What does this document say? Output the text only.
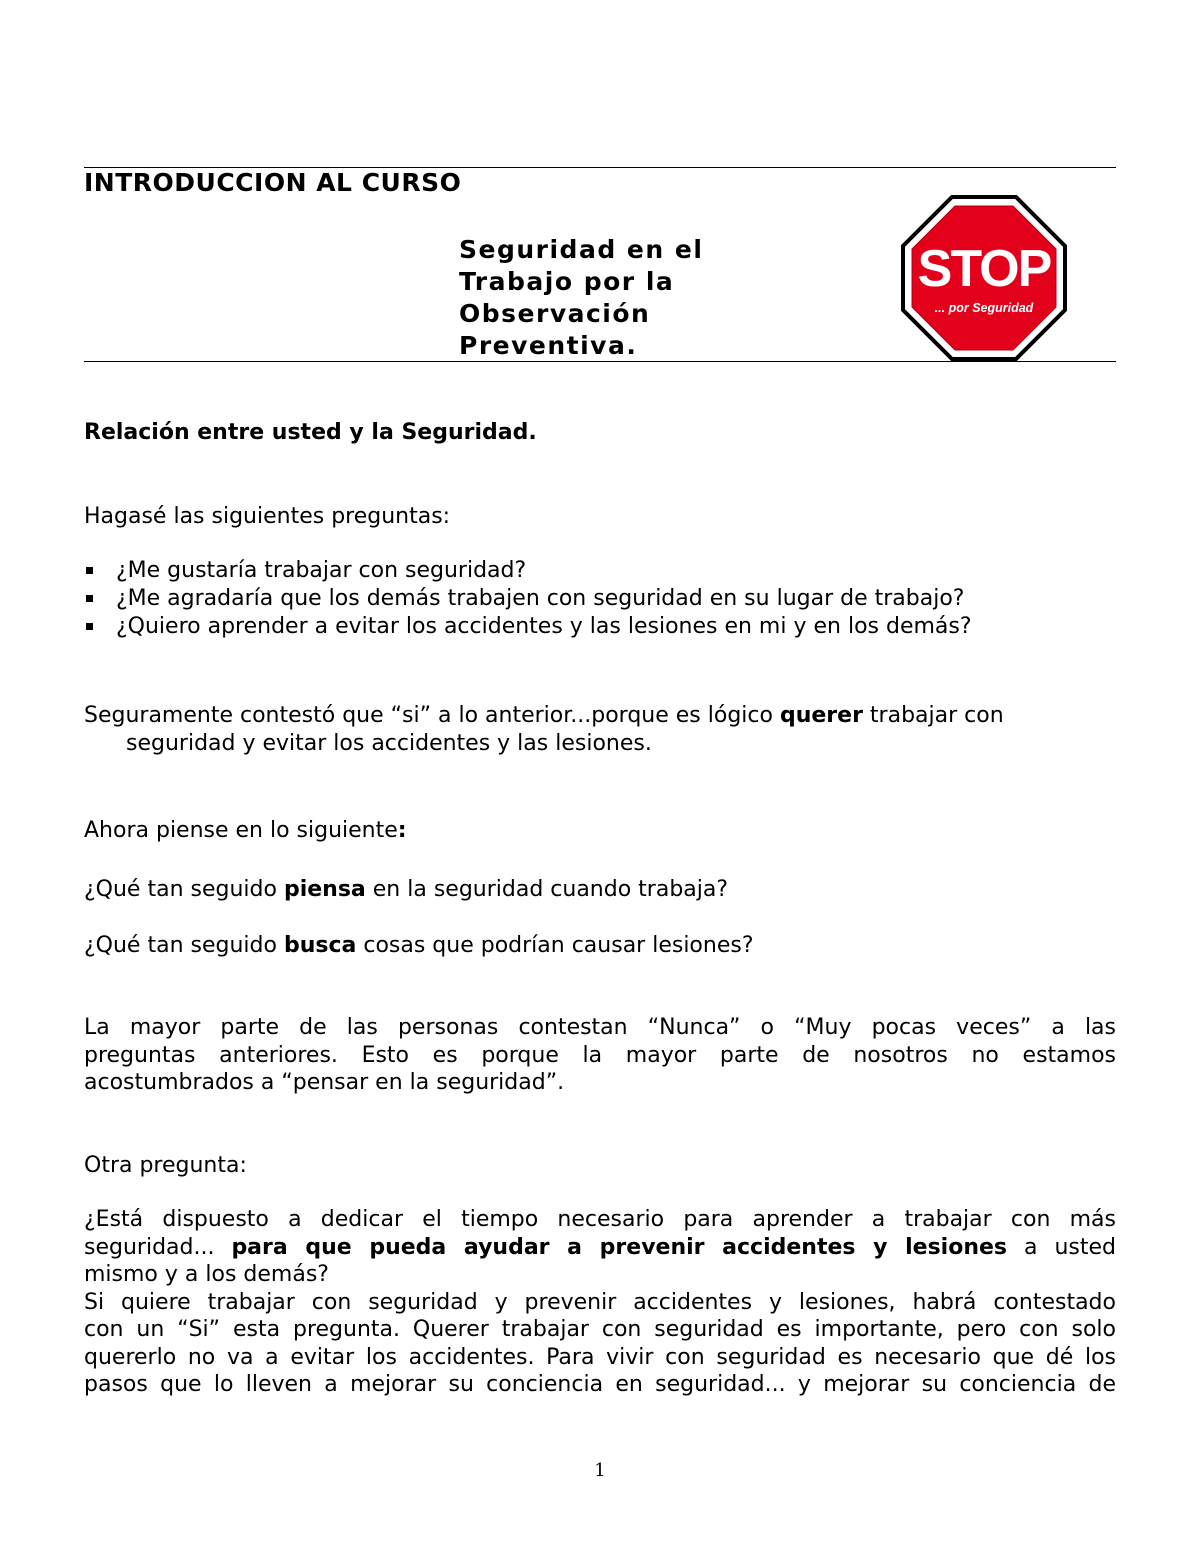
INTRODUCCION AL CURSO
Seguridad en el
Trabajo por la
Observación
Preventiva.
STOP
... por Seguridad
Relación entre usted y la Seguridad.
Hagasé las siguientes preguntas:
¿Me gustaría trabajar con seguridad?
¿Me agradaría que los demás trabajen con seguridad en su lugar de trabajo?
¿Quiero aprender a evitar los accidentes y las lesiones en mi y en los demás?
Seguramente contestó que “si” a lo anterior...porque es lógico querer trabajar con
seguridad y evitar los accidentes y las lesiones.
Ahora piense en lo siguiente:
¿Qué tan seguido piensa en la seguridad cuando trabaja?
¿Qué tan seguido busca cosas que podrían causar lesiones?
La mayor parte de las personas contestan “Nunca” o “Muy pocas veces” a las
preguntas anteriores. Esto es porque la mayor parte de nosotros no estamos
acostumbrados a “pensar en la seguridad”.
Otra pregunta:
¿Está dispuesto a dedicar el tiempo necesario para aprender a trabajar con más
seguridad... para que pueda ayudar a prevenir accidentes y lesiones a usted
mismo y a los demás?
Si quiere trabajar con seguridad y prevenir accidentes y lesiones, habrá contestado
con un “Si” esta pregunta. Querer trabajar con seguridad es importante, pero con solo
quererlo no va a evitar los accidentes. Para vivir con seguridad es necesario que dé los
pasos que lo lleven a mejorar su conciencia en seguridad... y mejorar su conciencia de
1
